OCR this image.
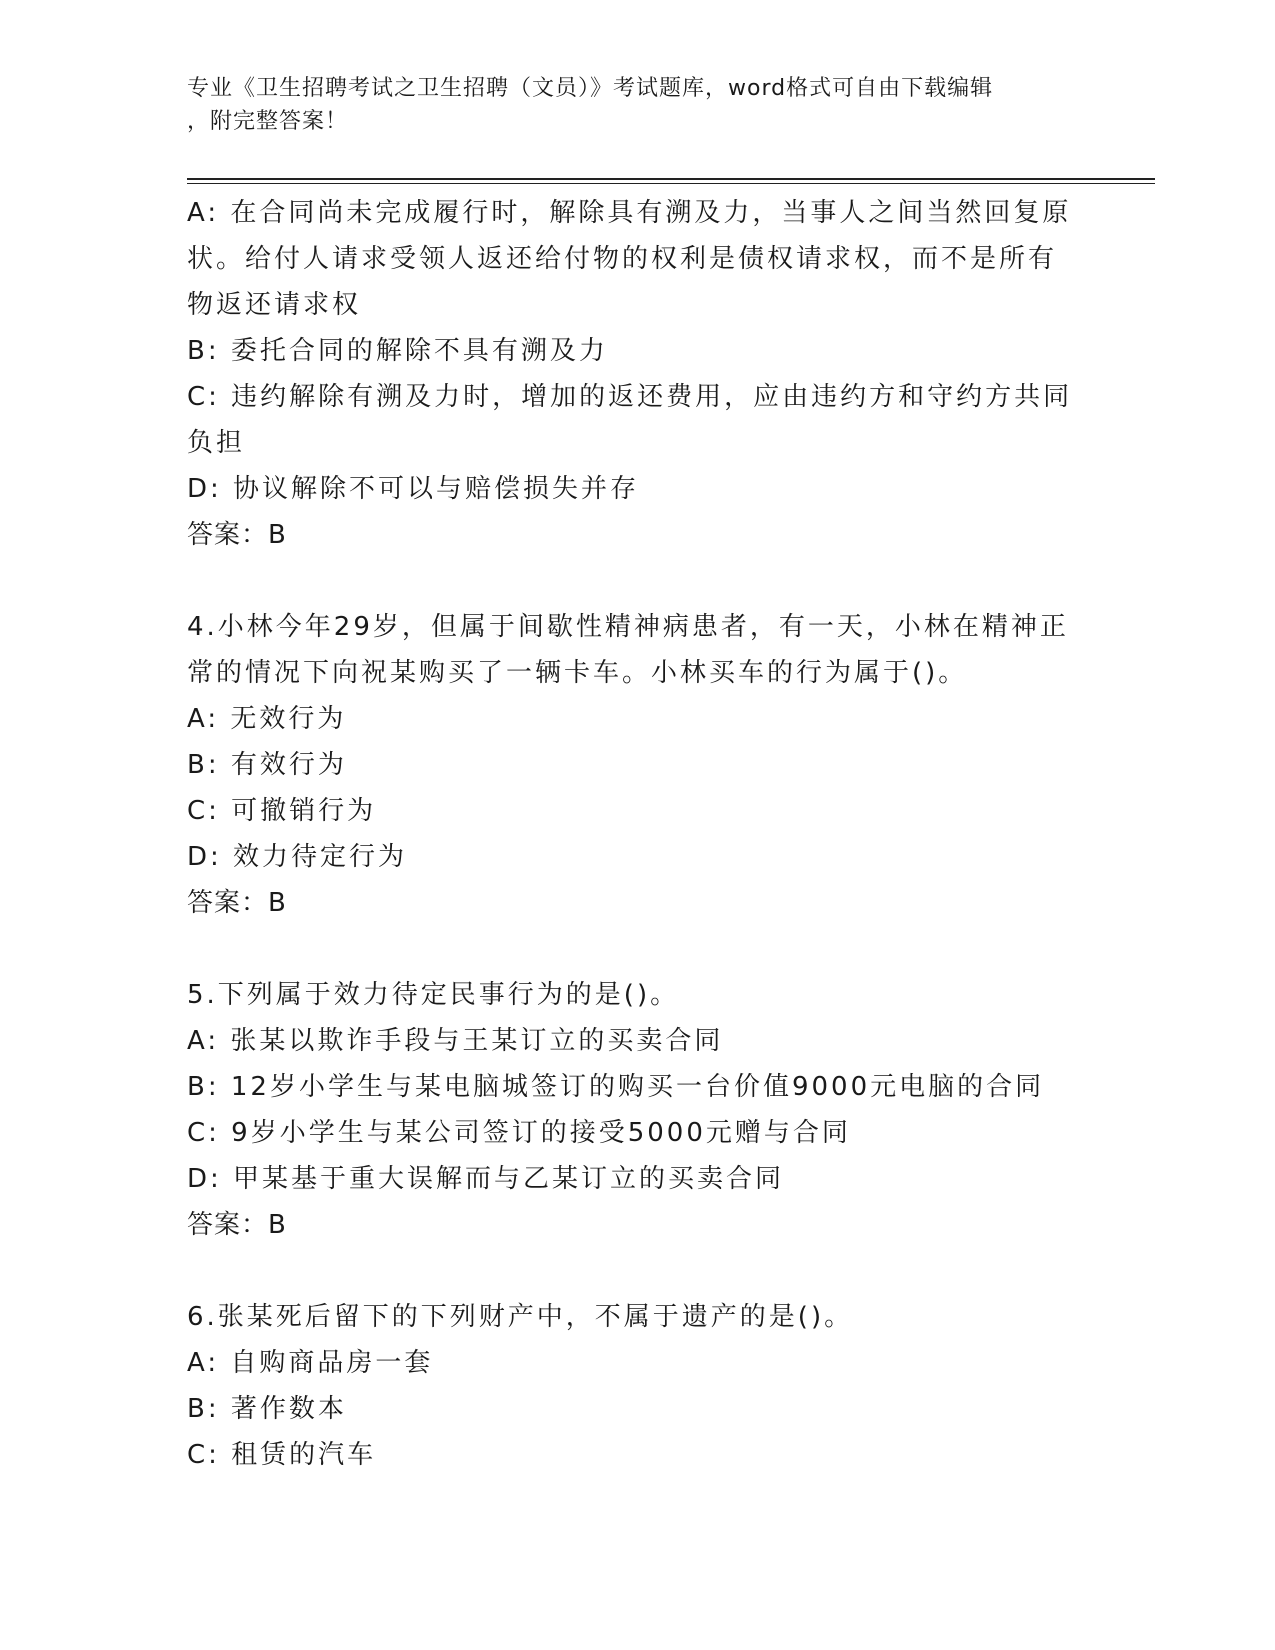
专业《卫生招聘考试之卫生招聘（文员）》考试题库，word格式可自由下载编辑
，附完整答案！
A: 在合同尚未完成履行时，解除具有溯及力，当事人之间当然回复原
状。给付人请求受领人返还给付物的权利是债权请求权，而不是所有
物返还请求权
B: 委托合同的解除不具有溯及力
C: 违约解除有溯及力时，增加的返还费用，应由违约方和守约方共同
负担
D: 协议解除不可以与赔偿损失并存
答案：B
4.小林今年29岁，但属于间歇性精神病患者，有一天，小林在精神正
常的情况下向祝某购买了一辆卡车。小林买车的行为属于()。
A: 无效行为
B: 有效行为
C: 可撤销行为
D: 效力待定行为
答案：B
5.下列属于效力待定民事行为的是()。
A: 张某以欺诈手段与王某订立的买卖合同
B: 12岁小学生与某电脑城签订的购买一台价值9000元电脑的合同
C: 9岁小学生与某公司签订的接受5000元赠与合同
D: 甲某基于重大误解而与乙某订立的买卖合同
答案：B
6.张某死后留下的下列财产中，不属于遗产的是()。
A: 自购商品房一套
B: 著作数本
C: 租赁的汽车
